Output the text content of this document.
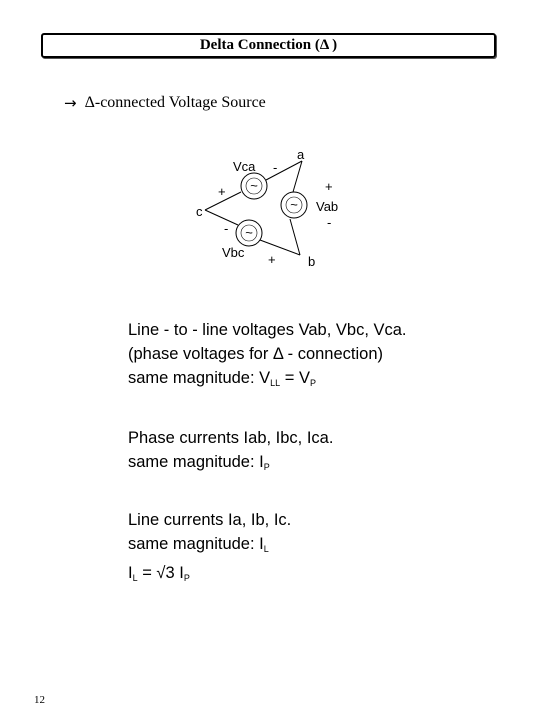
Delta Connection (Δ )
→ Δ-connected Voltage Source
~
~
~
a
c
b
Vca -
+	+
Vab
-
-
Vbc +
Line - to - line voltages Vab, Vbc, Vca.
(phase voltages for Δ - connection)
same magnitude: $V_{LL} = V_P$
Phase currents Iab, Ibc, Ica.
same magnitude: $I_P$
Line currents Ia, Ib, Ic.
same magnitude: $I_L$
$I_L = √3$ $I_P$
12
